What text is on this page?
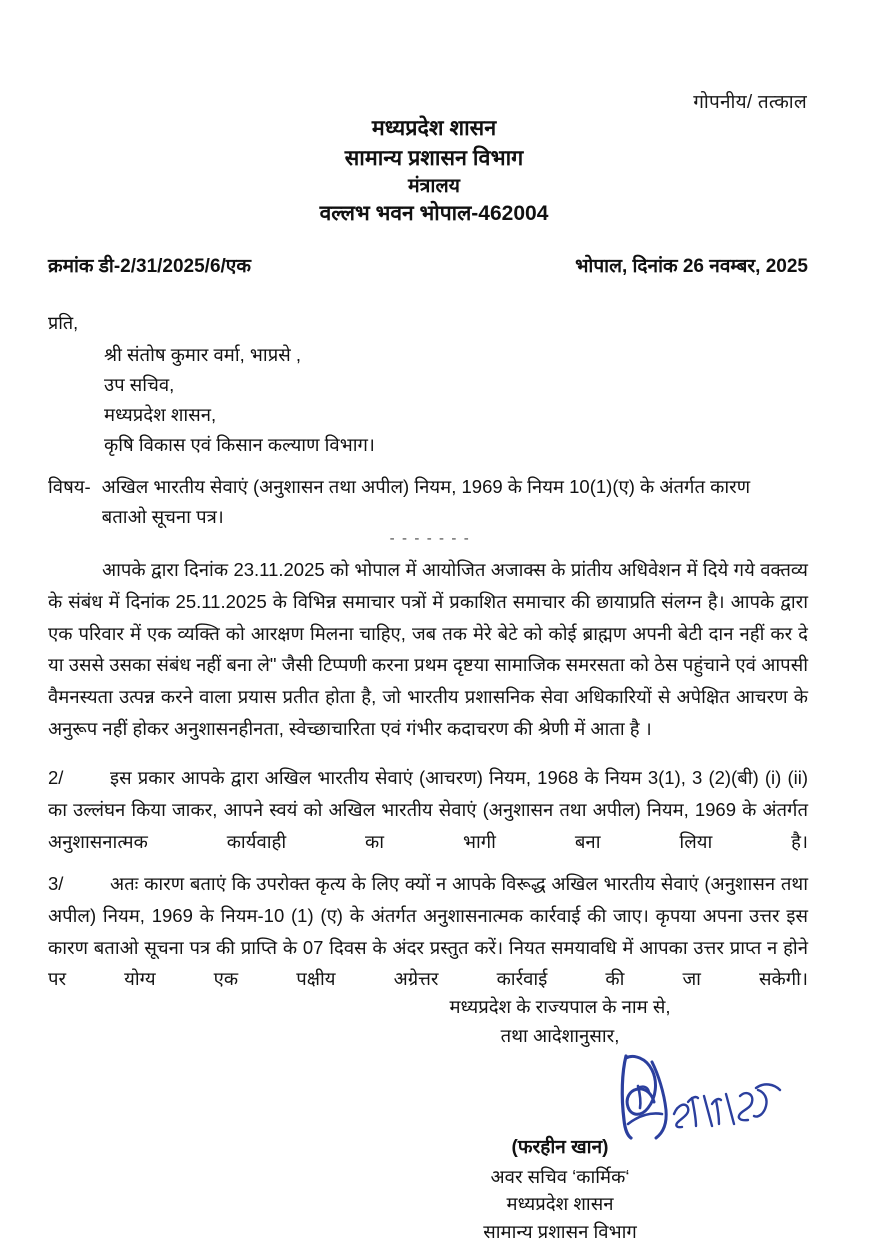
गोपनीय/ तत्काल
मध्यप्रदेश शासन
सामान्य प्रशासन विभाग
मंत्रालय
वल्लभ भवन भोपाल-462004
क्रमांक डी-2/31/2025/6/एक	भोपाल, दिनांक 26 नवम्बर, 2025
प्रति,
श्री संतोष कुमार वर्मा, भाप्रसे ,
उप सचिव,
मध्यप्रदेश शासन,
कृषि विकास एवं किसान कल्याण विभाग।
विषय- अखिल भारतीय सेवाएं (अनुशासन तथा अपील) नियम, 1969 के नियम 10(1)(ए) के अंतर्गत कारण
बताओ सूचना पत्र।
- - - - - - -
आपके द्वारा दिनांक 23.11.2025 को भोपाल में आयोजित अजाक्स के प्रांतीय अधिवेशन में दिये गये वक्तव्य के संबंध में दिनांक 25.11.2025 के विभिन्न समाचार पत्रों में प्रकाशित समाचार की छायाप्रति संलग्न है। आपके द्वारा एक परिवार में एक व्यक्ति को आरक्षण मिलना चाहिए, जब तक मेरे बेटे को कोई ब्राह्मण अपनी बेटी दान नहीं कर दे या उससे उसका संबंध नहीं बना ले" जैसी टिप्पणी करना प्रथम दृष्टया सामाजिक समरसता को ठेस पहुंचाने एवं आपसी वैमनस्यता उत्पन्न करने वाला प्रयास प्रतीत होता है, जो भारतीय प्रशासनिक सेवा अधिकारियों से अपेक्षित आचरण के अनुरूप नहीं होकर अनुशासनहीनता, स्वेच्छाचारिता एवं गंभीर कदाचरण की श्रेणी में आता है ।
2/	इस प्रकार आपके द्वारा अखिल भारतीय सेवाएं (आचरण) नियम, 1968 के नियम 3(1), 3 (2)(बी) (i) (ii) का उल्लंघन किया जाकर, आपने स्वयं को अखिल भारतीय सेवाएं (अनुशासन तथा अपील) नियम, 1969 के अंतर्गत अनुशासनात्मक कार्यवाही का भागी बना लिया है।
3/	अतः कारण बताएं कि उपरोक्त कृत्य के लिए क्यों न आपके विरूद्ध अखिल भारतीय सेवाएं (अनुशासन तथा अपील) नियम, 1969 के नियम-10 (1) (ए) के अंतर्गत अनुशासनात्मक कार्रवाई की जाए। कृपया अपना उत्तर इस कारण बताओ सूचना पत्र की प्राप्ति के 07 दिवस के अंदर प्रस्तुत करें। नियत समयावधि में आपका उत्तर प्राप्त न होने पर योग्य एक पक्षीय अग्रेत्तर कार्रवाई की जा सकेगी।
मध्यप्रदेश के राज्यपाल के नाम से,
तथा आदेशानुसार,
(फरहीन खान)
अवर सचिव ‘कार्मिक‘
मध्यप्रदेश शासन
सामान्य प्रशासन विभाग
